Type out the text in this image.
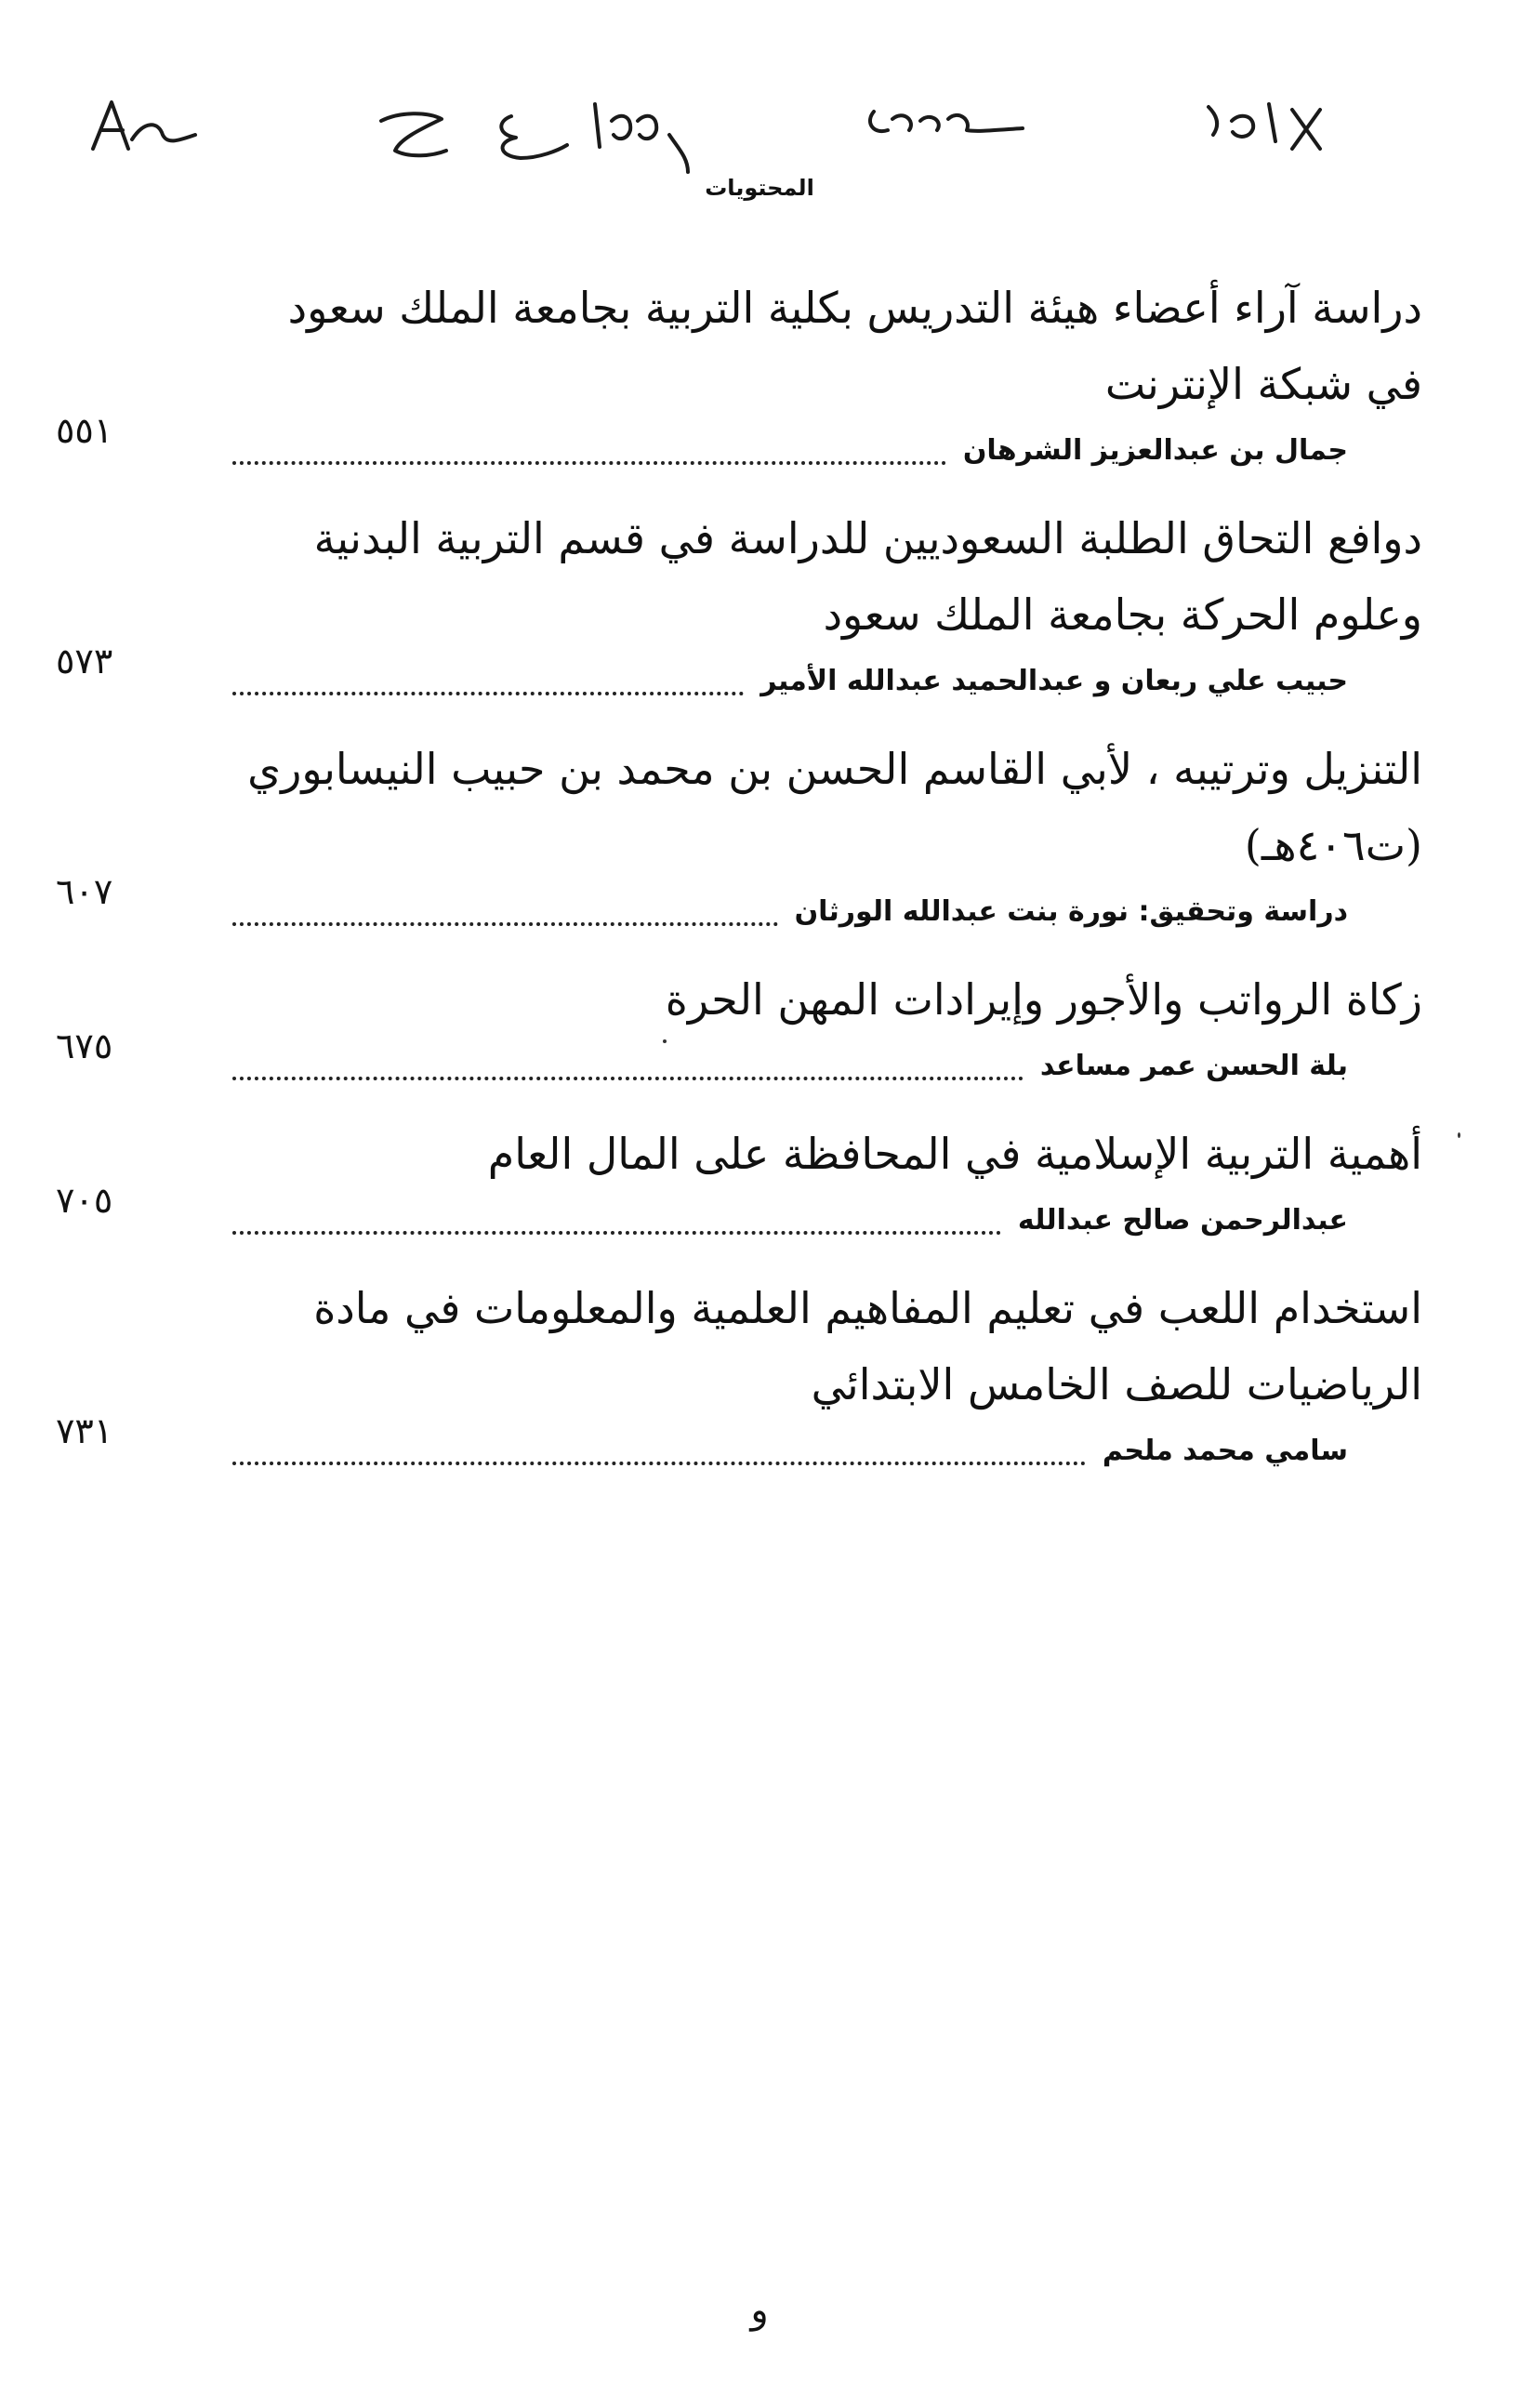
المحتويات
دراسة آراء أعضاء هيئة التدريس بكلية التربية بجامعة الملك سعود في شبكة الإنترنت
٥٥١	جمال بن عبدالعزيز الشرهان
دوافع التحاق الطلبة السعوديين للدراسة في قسم التربية البدنية وعلوم الحركة بجامعة الملك سعود
٥٧٣	حبيب علي ربعان و عبدالحميد عبدالله الأمير
التنزيل وترتيبه ، لأبي القاسم الحسن بن محمد بن حبيب النيسابوري (ت٤٠٦هـ)
٦٠٧	دراسة وتحقيق: نورة بنت عبدالله الورثان
زكاة الرواتب والأجور وإيرادات المهن الحرة
٦٧٥	بلة الحسن عمر مساعد
أهمية التربية الإسلامية في المحافظة على المال العام
٧٠٥	عبدالرحمن صالح عبدالله
استخدام اللعب في تعليم المفاهيم العلمية والمعلومات في مادة الرياضيات للصف الخامس الابتدائي
٧٣١	سامي محمد ملحم
و
